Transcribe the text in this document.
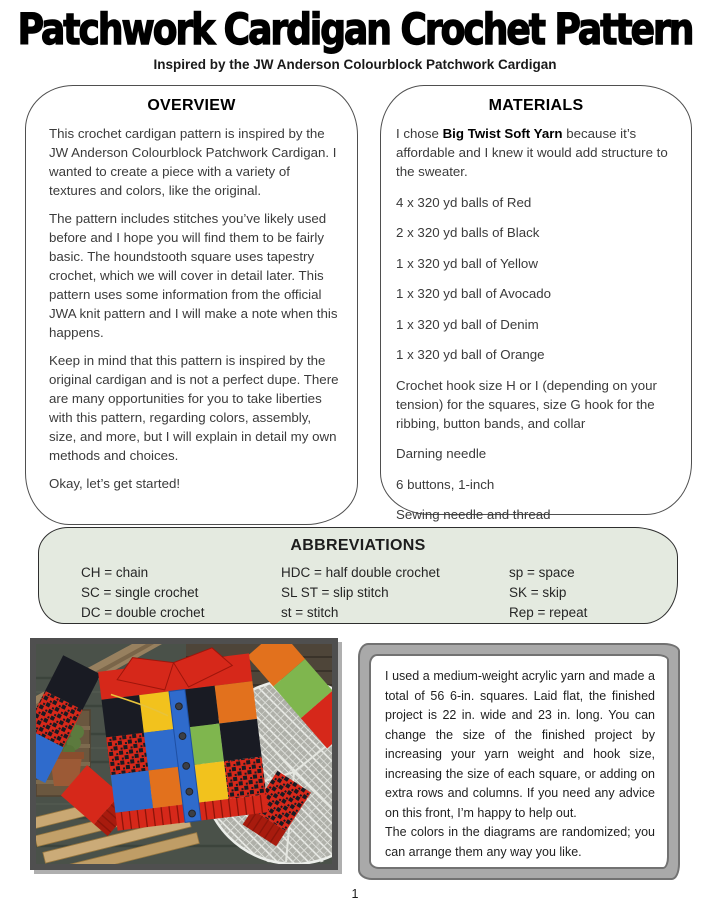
Patchwork Cardigan Crochet Pattern
Inspired by the JW Anderson Colourblock Patchwork Cardigan
OVERVIEW

This crochet cardigan pattern is inspired by the JW Anderson Colourblock Patchwork Cardigan. I wanted to create a piece with a variety of textures and colors, like the original.

The pattern includes stitches you’ve likely used before and I hope you will find them to be fairly basic. The houndstooth square uses tapestry crochet, which we will cover in detail later. This pattern uses some information from the official JWA knit pattern and I will make a note when this happens.

Keep in mind that this pattern is inspired by the original cardigan and is not a perfect dupe. There are many opportunities for you to take liberties with this pattern, regarding colors, assembly, size, and more, but I will explain in detail my own methods and choices.

Okay, let’s get started!

MATERIALS

I chose Big Twist Soft Yarn because it’s affordable and I knew it would add structure to the sweater.

4 x 320 yd balls of Red

2 x 320 yd balls of Black

1 x 320 yd ball of Yellow

1 x 320 yd ball of Avocado

1 x 320 yd ball of Denim

1 x 320 yd ball of Orange

Crochet hook size H or I (depending on your tension) for the squares, size G hook for the ribbing, button bands, and collar

Darning needle

6 buttons, 1-inch

Sewing needle and thread

ABBREVIATIONS
CH = chain
SC = single crochet
DC = double crochet
HDC = half double crochet
SL ST = slip stitch
st = stitch
sp = space
SK = skip
Rep = repeat

I used a medium-weight acrylic yarn and made a total of 56 6-in. squares. Laid flat, the finished project is 22 in. wide and 23 in. long. You can change the size of the finished project by increasing your yarn weight and hook size, increasing the size of each square, or adding on extra rows and columns. If you need any advice on this front, I’m happy to help out.

The colors in the diagrams are randomized; you can arrange them any way you like.

1
